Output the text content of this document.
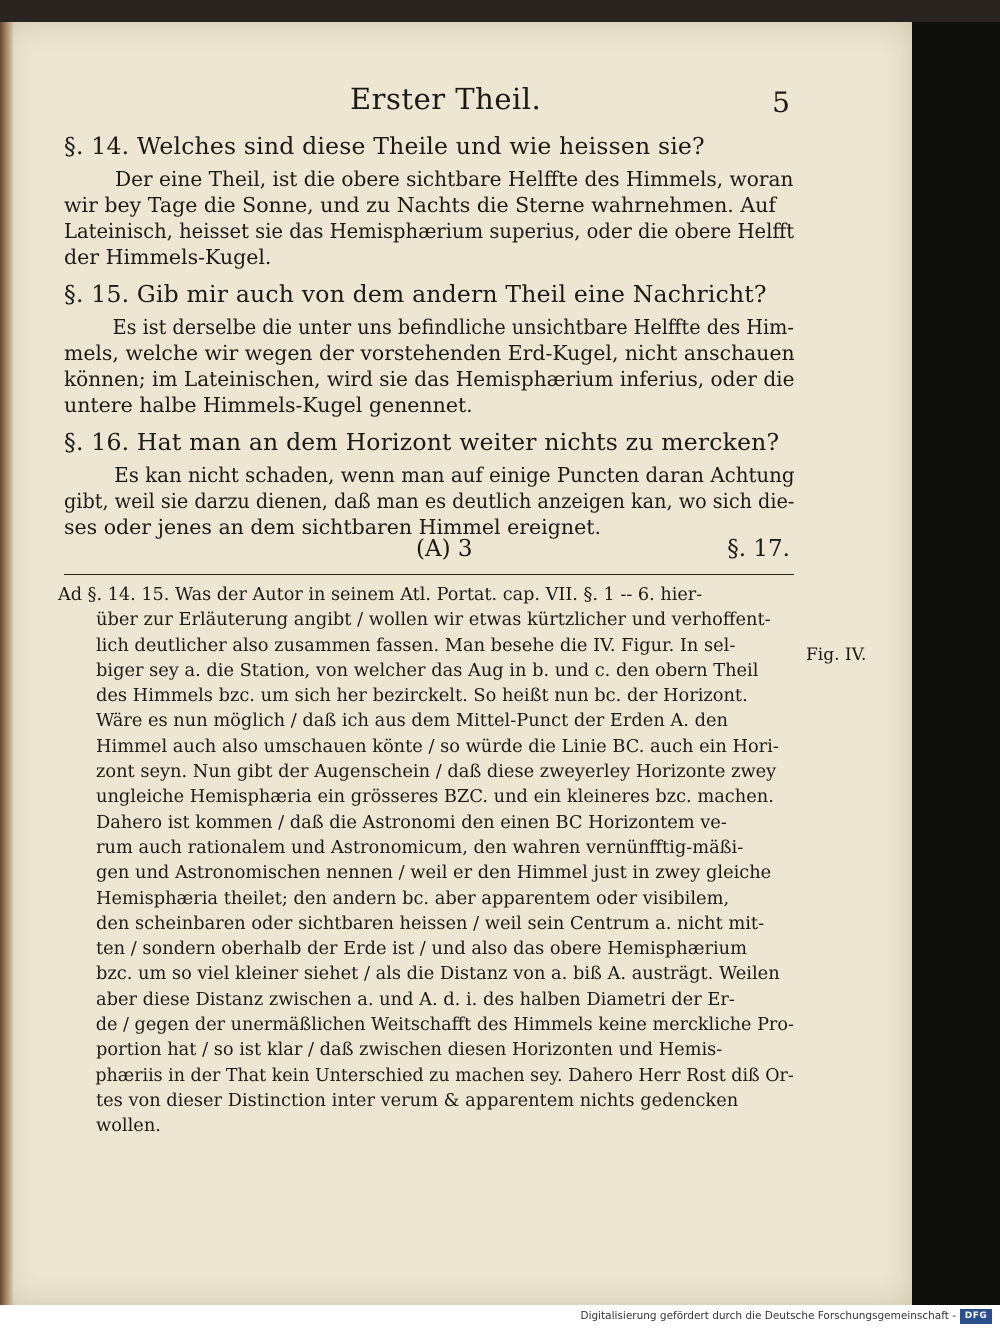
Erster Theil.	5
§. 14. Welches sind diese Theile und wie heissen sie?
Der eine Theil, ist die obere sichtbare Helffte des Himmels, woran
wir bey Tage die Sonne, und zu Nachts die Sterne wahrnehmen. Auf
Lateinisch, heisset sie das Hemisphærium superius, oder die obere Helfft
der Himmels-Kugel.
§. 15. Gib mir auch von dem andern Theil eine Nachricht?
Es ist derselbe die unter uns befindliche unsichtbare Helffte des Him-
mels, welche wir wegen der vorstehenden Erd-Kugel, nicht anschauen
können; im Lateinischen, wird sie das Hemisphærium inferius, oder die
untere halbe Himmels-Kugel genennet.
§. 16. Hat man an dem Horizont weiter nichts zu mercken?
Es kan nicht schaden, wenn man auf einige Puncten daran Achtung
gibt, weil sie darzu dienen, daß man es deutlich anzeigen kan, wo sich die-
ses oder jenes an dem sichtbaren Himmel ereignet.
(A) 3	§. 17.
Ad §. 14. 15. Was der Autor in seinem Atl. Portat. cap. VII. §. 1 -- 6. hier-
über zur Erläuterung angibt / wollen wir etwas kürtzlicher und verhoffent-
lich deutlicher also zusammen fassen. Man besehe die IV. Figur. In sel-
biger sey a. die Station, von welcher das Aug in b. und c. den obern Theil
des Himmels bzc. um sich her bezirckelt. So heißt nun bc. der Horizont.
Wäre es nun möglich / daß ich aus dem Mittel-Punct der Erden A. den
Himmel auch also umschauen könte / so würde die Linie BC. auch ein Hori-
zont seyn. Nun gibt der Augenschein / daß diese zweyerley Horizonte zwey
ungleiche Hemisphæria ein grösseres BZC. und ein kleineres bzc. machen.
Dahero ist kommen / daß die Astronomi den einen BC Horizontem ve-
rum auch rationalem und Astronomicum, den wahren vernünfftig-mäßi-
gen und Astronomischen nennen / weil er den Himmel just in zwey gleiche
Hemisphæria theilet; den andern bc. aber apparentem oder visibilem,
den scheinbaren oder sichtbaren heissen / weil sein Centrum a. nicht mit-
ten / sondern oberhalb der Erde ist / und also das obere Hemisphærium
bzc. um so viel kleiner siehet / als die Distanz von a. biß A. austrägt. Weilen
aber diese Distanz zwischen a. und A. d. i. des halben Diametri der Er-
de / gegen der unermäßlichen Weitschafft des Himmels keine merckliche Pro-
portion hat / so ist klar / daß zwischen diesen Horizonten und Hemis-
phæriis in der That kein Unterschied zu machen sey. Dahero Herr Rost diß Or-
tes von dieser Distinction inter verum & apparentem nichts gedencken
wollen.
Fig. IV.
Digitalisierung gefördert durch die Deutsche Forschungsgemeinschaft - DFG
